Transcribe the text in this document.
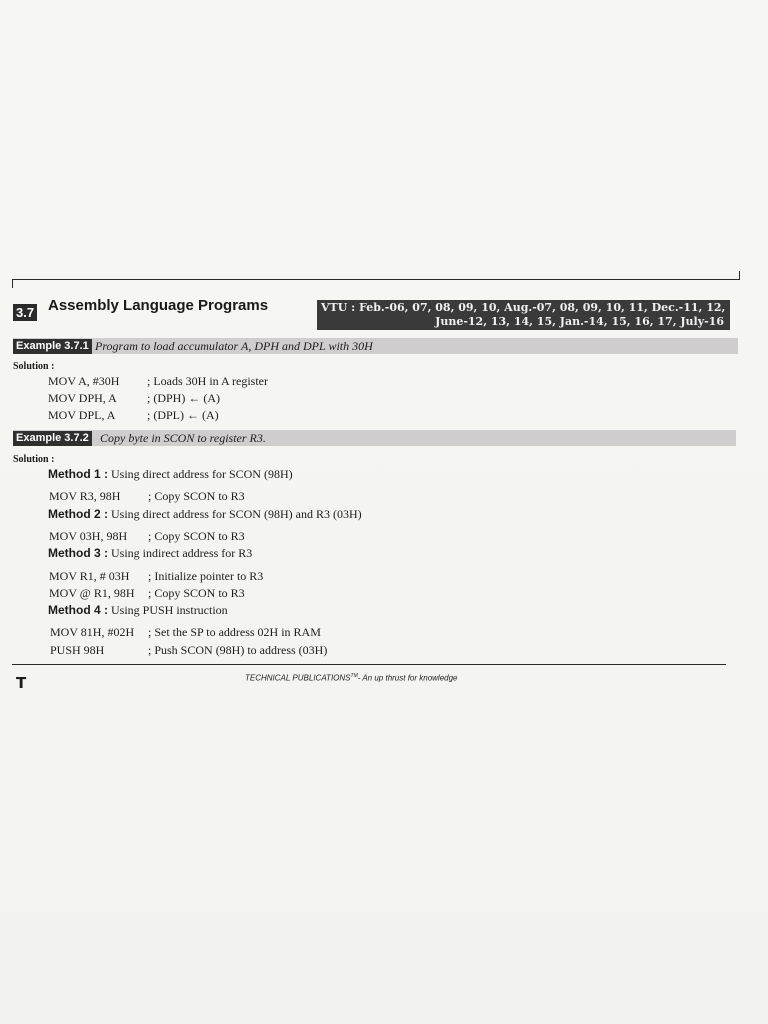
3.7 Assembly Language Programs	VTU : Feb.-06, 07, 08, 09, 10, Aug.-07, 08, 09, 10, 11, Dec.-11, 12,
June-12, 13, 14, 15, Jan.-14, 15, 16, 17, July-16
Example 3.7.1 Program to load accumulator A, DPH and DPL with 30H
Solution :
MOV A, #30H ; Loads 30H in A register
MOV DPH, A	; (DPH) ← (A)
MOV DPL, A	; (DPL) ← (A)
Example 3.7.2 Copy byte in SCON to register R3.
Solution :
Method 1 : Using direct address for SCON (98H)
MOV R3, 98H ; Copy SCON to R3
Method 2 : Using direct address for SCON (98H) and R3 (03H)
MOV 03H, 98H ; Copy SCON to R3
Method 3 : Using indirect address for R3
MOV R1, # 03H ; Initialize pointer to R3
MOV @ R1, 98H ; Copy SCON to R3
Method 4 : Using PUSH instruction
MOV 81H, #02H ; Set the SP to address 02H in RAM
PUSH 98H	; Push SCON (98H) to address (03H)
T	TECHNICAL PUBLICATIONS™- An up thrust for knowledge
